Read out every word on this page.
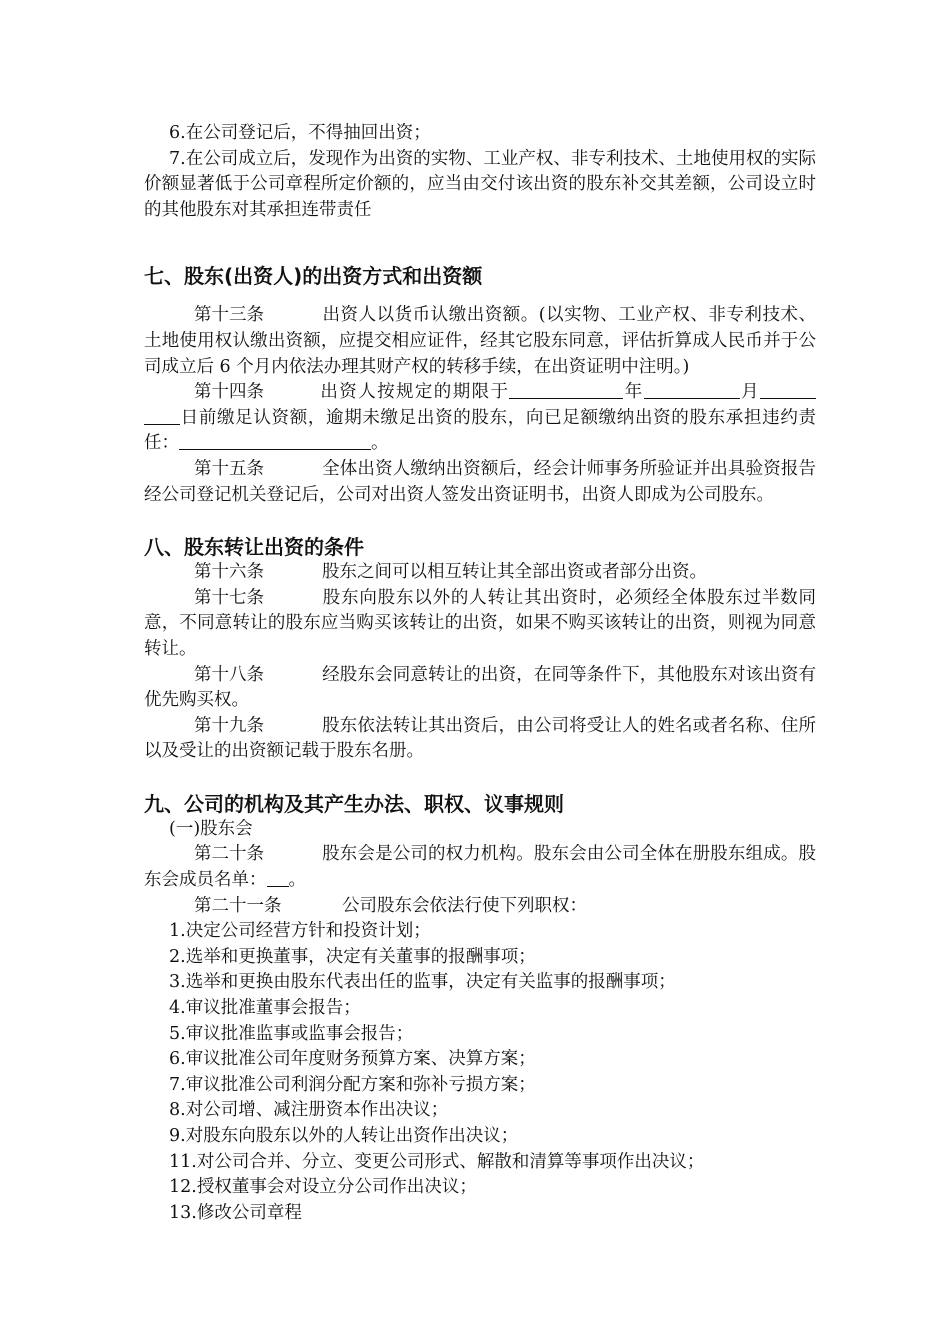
6.在公司登记后，不得抽回出资；

7.在公司成立后，发现作为出资的实物、工业产权、非专利技术、土地使用权的实际价额显著低于公司章程所定价额的，应当由交付该出资的股东补交其差额，公司设立时的其他股东对其承担连带责任

七、股东(出资人)的出资方式和出资额

第十三条	出资人以货币认缴出资额。(以实物、工业产权、非专利技术、土地使用权认缴出资额，应提交相应证件，经其它股东同意，评估折算成人民币并于公司成立后 6 个月内依法办理其财产权的转移手续，在出资证明中注明。)

第十四条	出资人按规定的期限于	年	月日前缴足认资额，逾期未缴足出资的股东，向已足额缴纳出资的股东承担违约责任：	。

第十五条	全体出资人缴纳出资额后，经会计师事务所验证并出具验资报告经公司登记机关登记后，公司对出资人签发出资证明书，出资人即成为公司股东。

八、股东转让出资的条件

第十六条	股东之间可以相互转让其全部出资或者部分出资。

第十七条	股东向股东以外的人转让其出资时，必须经全体股东过半数同意，不同意转让的股东应当购买该转让的出资，如果不购买该转让的出资，则视为同意转让。

第十八条	经股东会同意转让的出资，在同等条件下，其他股东对该出资有优先购买权。

第十九条	股东依法转让其出资后，由公司将受让人的姓名或者名称、住所以及受让的出资额记载于股东名册。

九、公司的机构及其产生办法、职权、议事规则

(一)股东会

第二十条	股东会是公司的权力机构。股东会由公司全体在册股东组成。股东会成员名单： 。

第二十一条	公司股东会依法行使下列职权：

1.决定公司经营方针和投资计划；

2.选举和更换董事，决定有关董事的报酬事项；

3.选举和更换由股东代表出任的监事，决定有关监事的报酬事项；

4.审议批准董事会报告；

5.审议批准监事或监事会报告；

6.审议批准公司年度财务预算方案、决算方案；

7.审议批准公司利润分配方案和弥补亏损方案；

8.对公司增、减注册资本作出决议；

9.对股东向股东以外的人转让出资作出决议；

11.对公司合并、分立、变更公司形式、解散和清算等事项作出决议；

12.授权董事会对设立分公司作出决议；

13.修改公司章程
